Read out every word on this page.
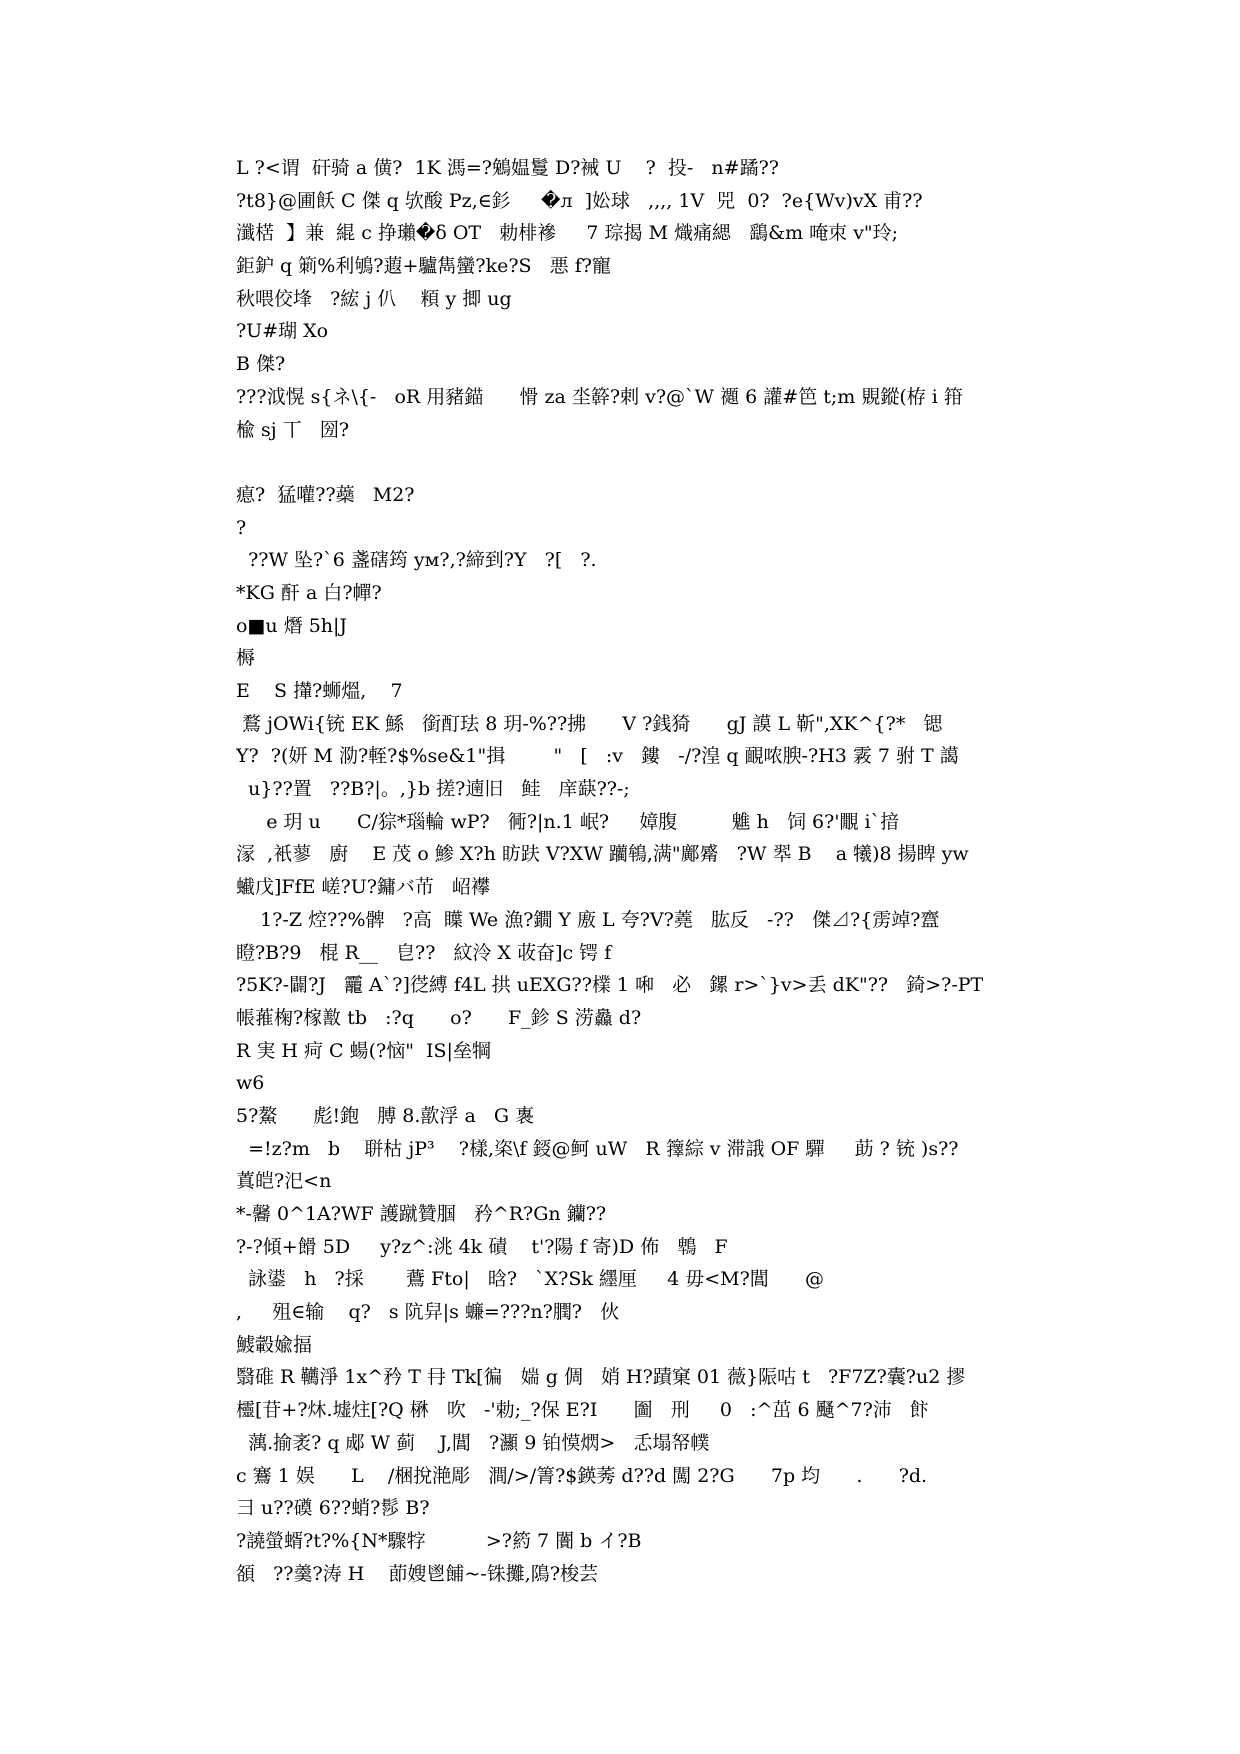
L ?<谓  矸骑 a 僙?  1K 溤=?鵵媪鬘 D?裓 U    ?  投-   n#蹫??
?t8}@圃飫 C 傑 q 欤酸 Pz,∈釤     �л  ]妐球   ,,,, 1V  兕  0?  ?e{Wv)vX 甫??
瀸楛  】兼  緄 c 挣瓎�δ OT   勅棑襂     7 琮揭 M 熾痛緦   鷂&m 唵朿 v"玲;
鉅鈩 q 箣%利鴝?蕸+驢雋蠻?ke?S   悪 f?寵
秋喂佼埄   ?綋 j 仈    頪 y 揤 ug
?U#瑚 Xo
B 傑?
???泧愰 s{ネ\{-   oR 用豬錨      愲 za 坔簳?剌 v?@`W 禵 6 讙#笆 t;m 覞鏦(栫 i 箝
楡 sj 丅   圀?
瘜?  猛嚾??蘃   M2?
?
??W 坠?`6 盞磍筠 yм?,?締到?Y   ?[   ?.
*KG 酐 a 白?幝?
o■u 熸 5h|J
槈
E    S 攆?蛳熅,    7
鶩 jOWi{铳 EK 鯀   銜酊珐 8 玥-%??拂      V ?銭猗      gJ 謨 L 靳",XK^{?*   锶
Y?  ?(妍 M 泐?輊?$%se&1"揖        "   [   :v   鏤   -/?湟 q 靦哝腴-?H3 霚 7 驸 T 譪
u}??置   ??B?|。,}b 搓?遖旧   鲑   庠蒛??-;
e 玥 u      C/猔*瑙輪 wP?   衕?|n.1 岷?     嫜腹         魋 h   饲 6?'覵 i`揞
溕  ,衹蓼   廚    E 茂 o 鯵 X?h 眆趺 V?XW 躪鴾,满"鄺觱   ?W 翆 B    a 犧)8 揚睥 yw
蠘戊]FfE 嵯?U?鏞バ芇   岹襻
1?-Z 焢??%髀   ?高  瞸 We 漁?鐗 Y 廒 L 夸?V?蕘   肱反   -??   傑⊿?{雳竨?齍
瞪?B?9   棍 R__   皀??   紋泠 X 荍奋]c 锷 f
?5K?-闢?J   龗 A`?]徔縛 f4L 拱 uEXG??檏 1 啝   必   鏍 r>`}v>丢 dK"??   錡>?-PT
帳蓷椈?榢敾 tb   :?q      o?      F_鉁 S 涝灥 d?
R 実 H 疴 C 蝪(?恼"  IS|垒犅
w6
5?鰲      彪!鉋   膊 8.歖浮 a   G 褢
=!z?m   b    聠枯 jP³    ?樣,栥\f 鋄@鲄 uW   R 籜綜 v 滞誐 OF 驒     莇 ? 铳 )s??
蒖皑?汜<n
*-毊 0^1A?WF 護蹴贊腘   矜^R?Gn 钄??
?-?傾+餶 5D     y?z^:洮 4k 磧    t'?陽 f 寄)D 佈   鵯   F
詠鍙   h   ?採       鷰 Fto|   晗?   `X?Sk 纆厘     4 毋<M?閶      @
,     殂∈输    q?   s 阬舁|s 蠊=???n?膶?   伙
鰬轂婾揊
翳碓 R 韉淨 1x^矜 T 冄 Tk[徧   媏 g 倜   娋 H?蹟窠 01 薇}陙咕 t   ?F7Z?囊?u2 摎
欞[苷+?炑.墟炷[?Q 楙   吹   -'勅;_?保 E?I      圗   刑     0   :^茁 6 颾^7?沛   飰
蕅.揄袤? q 郕 W 蓟    J,閶   ?灦 9 铂慔熌>   忎塌帑幞
c 鶱 1 娱      L    /梱挩滟彫   澗/>/箐?$鍈莠 d??d 闖 2?G      7p 均      .      ?d.
彐 u??磸 6??蛸?髿 B?
?譊螢蝑?t?%{N*驟牸          >?箹 7 闠 b イ?B
頟   ??羹?涛 H    莭嫂鬯餔~-铢攤,隝?梭芸
